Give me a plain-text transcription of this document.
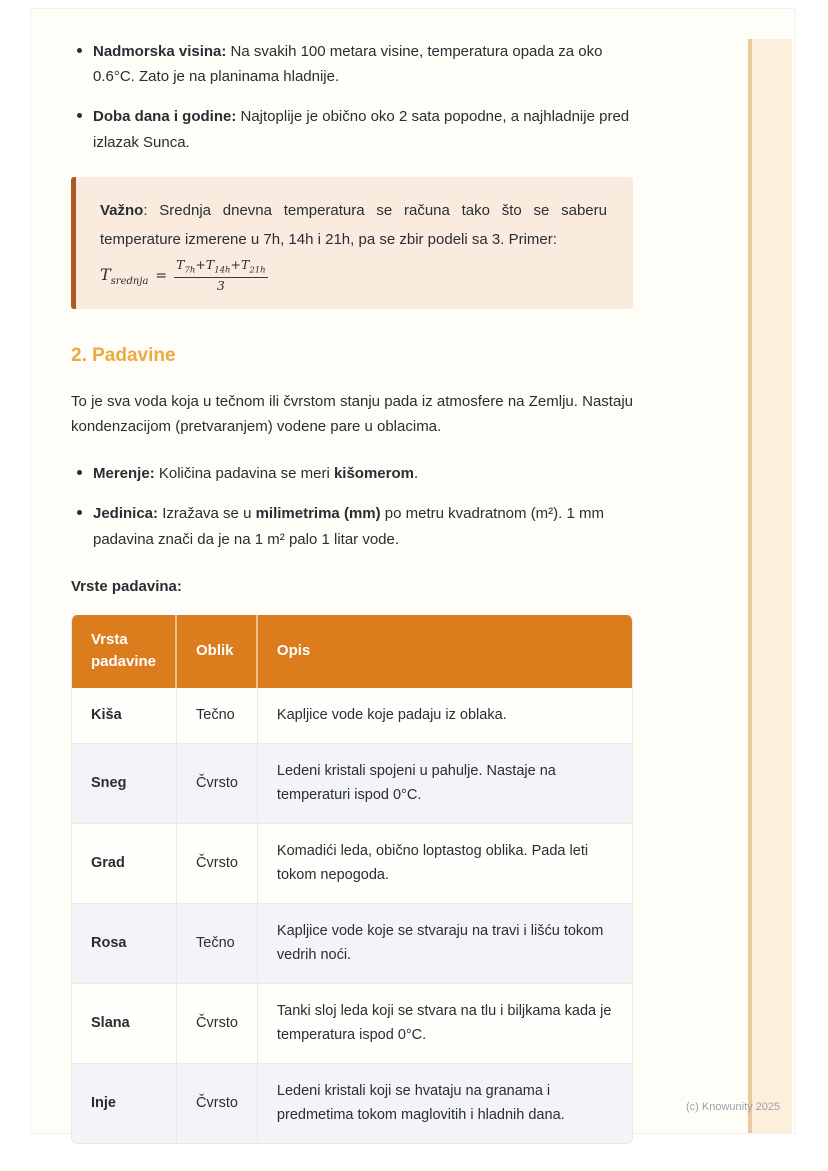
Nadmorska visina: Na svakih 100 metara visine, temperatura opada za oko 0.6°C. Zato je na planinama hladnije.
Doba dana i godine: Najtoplije je obično oko 2 sata popodne, a najhladnije pred izlazak Sunca.

Važno: Srednja dnevna temperatura se računa tako što se saberu temperature izmerene u 7h, 14h i 21h, pa se zbir podeli sa 3. Primer:

$T_{srednja} = \frac{T_{7h}+T_{14h}+T_{21h}}{3}$
2. Padavine

To je sva voda koja u tečnom ili čvrstom stanju pada iz atmosfere na Zemlju. Nastaju kondenzacijom (pretvaranjem) vodene pare u oblacima.

Merenje: Količina padavina se meri kišomerom.
Jedinica: Izražava se u milimetrima (mm) po metru kvadratnom (m²). 1 mm padavina znači da je na 1 m² palo 1 litar vode.

Vrste padavina:

Vrsta padavine	Oblik	Opis
Kiša	Tečno	Kapljice vode koje padaju iz oblaka.
Sneg	Čvrsto	Ledeni kristali spojeni u pahulje. Nastaje na temperaturi ispod 0°C.
Grad	Čvrsto	Komadići leda, obično loptastog oblika. Pada leti tokom nepogoda.
Rosa	Tečno	Kapljice vode koje se stvaraju na travi i lišću tokom vedrih noći.
Slana	Čvrsto	Tanki sloj leda koji se stvara na tlu i biljkama kada je temperatura ispod 0°C.
Inje	Čvrsto	Ledeni kristali koji se hvataju na granama i predmetima tokom maglovitih i hladnih dana.	(c) Knowunity 2025
